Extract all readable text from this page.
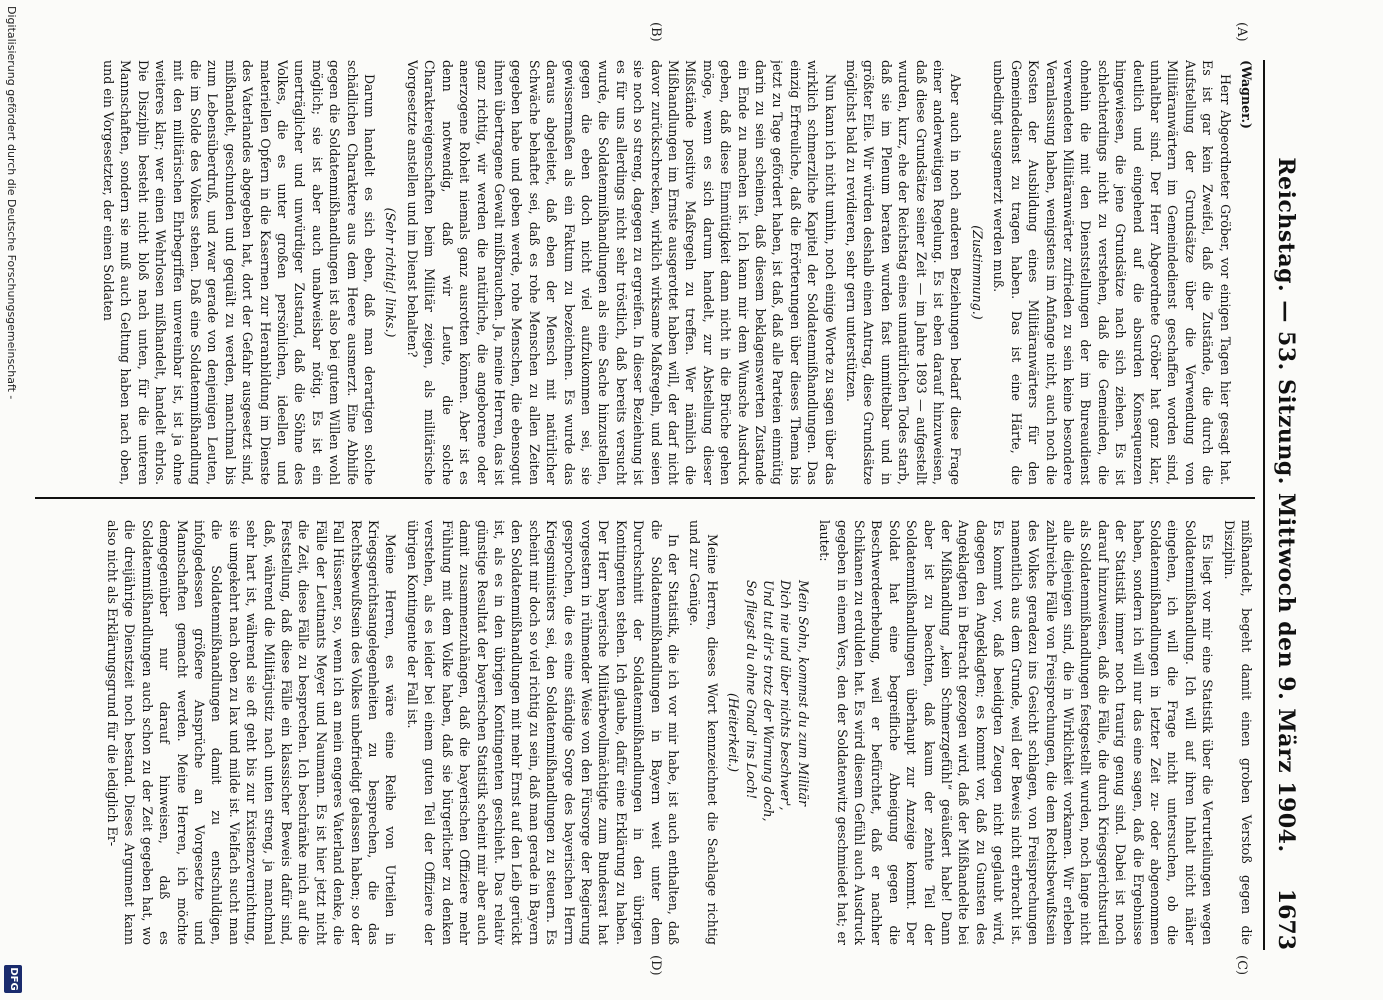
Reichstag. — 53. Sitzung. Mittwoch den 9. März 1904.
1673
(A)
(B)
(C)
(D)

(Wagner.)

Herr Abgeordneter Gröber, vor einigen Tagen hier gesagt hat. Es ist gar kein Zweifel, daß die Zustände, die durch die Aufstellung der Grundsätze über die Verwendung von Militäranwärtern im Gemeindedienst geschaffen worden sind, unhaltbar sind. Der Herr Abgeordnete Gröber hat ganz klar, deutlich und eingehend auf die absurden Konsequenzen hingewiesen, die jene Grundsätze nach sich ziehen. Es ist schlechterdings nicht zu verstehen, daß die Gemeinden, die ohnehin die mit den Dienststellungen der im Bureaudienst verwendeten Militäranwärter zufrieden zu sein keine besondere Veranlassung haben, wenigstens im Anfange nicht, auch noch die Kosten der Ausbildung eines Militäranwärters für den Gemeindedienst zu tragen haben. Das ist eine Härte, die unbedingt ausgemerzt werden muß.

(Zustimmung.)

Aber auch in noch anderen Beziehungen bedarf diese Frage einer anderweitigen Regelung. Es ist eben darauf hinzuweisen, daß diese Grundsätze seiner Zeit — im Jahre 1893 — aufgestellt wurden, kurz, ehe der Reichstag eines unnatürlichen Todes starb, daß sie im Plenum beraten wurden fast unmittelbar und in größter Eile. Wir würden deshalb einen Antrag, diese Grundsätze möglichst bald zu revidieren, sehr gern unterstützen.

Nun kann ich nicht umhin, noch einige Worte zu sagen über das wirklich schmerzliche Kapitel der Soldatenmißhandlungen. Das einzig Erfreuliche, daß die Erörterungen über dieses Thema bis jetzt zu Tage gefördert haben, ist daß, daß alle Parteien einmütig darin zu sein scheinen, daß diesem beklagenswerten Zustande ein Ende zu machen ist. Ich kann mir dem Wunsche Ausdruck geben, daß diese Einmütigkeit dann nicht in die Brüche gehen möge, wenn es sich darum handelt, zur Abstellung dieser Mißstände positive Maßregeln zu treffen. Wer nämlich die Mißhandlungen im Ernste ausgerottet haben will, der darf nicht davor zurückschrecken, wirklich wirksame Maßregeln, und seien sie noch so streng, dagegen zu ergreifen. In dieser Beziehung ist es für uns allerdings nicht sehr tröstlich, daß bereits versucht wurde, die Soldatenmißhandlungen als eine Sache hinzustellen, gegen die eben doch nicht viel aufzukommen sei, sie gewissermaßen als ein Faktum zu bezeichnen. Es wurde das daraus abgeleitet, daß eben der Mensch mit natürlicher Schwäche behaftet sei, daß es rohe Menschen zu allen Zeiten gegeben habe und geben werde, rohe Menschen, die ebensogut ihnen übertragene Gewalt mißbrauchen. Ja, meine Herren, das ist ganz richtig, wir werden die natürliche, die angeborene oder anerzogene Roheit niemals ganz ausrotten können. Aber ist es denn notwendig, daß wir Leute, die solche Charaktereigenschaften beim Militär zeigen, als militärische Vorgesetzte anstellen und im Dienst behalten?

(Sehr richtig! links.)

Darum handelt es sich eben, daß man derartigen solche schädlichen Charaktere aus dem Heere ausmerzt. Eine Abhilfe gegen die Soldatenmißhandlungen ist also bei gutem Willen wohl möglich; sie ist aber auch unabweisbar nötig. Es ist ein unerträglicher und unwürdiger Zustand, daß die Söhne des Volkes, die es unter großen persönlichen, ideellen und materiellen Opfern in die Kasernen zur Heranbildung im Dienste des Vaterlandes abgegeben hat, dort der Gefahr ausgesetzt sind, mißhandelt, geschunden und gequält zu werden, manchmal bis zum Lebensüberdruß, und zwar gerade von denjenigen Leuten, die im Solde des Volkes stehen. Daß eine Soldatenmißhandlung mit den militärischen Ehrbegriffen unvereinbar ist, ist ja ohne weiteres klar; wer einen Wehrlosen mißhandelt, handelt ehrlos. Die Disziplin besteht nicht bloß nach unten, für die unteren Mannschaften, sondern sie muß auch Geltung haben nach oben, und ein Vorgesetzter, der einen Soldaten

mißhandelt, begeht damit einen groben Verstoß gegen die Disziplin.

Es liegt vor mir eine Statistik über die Verurteilungen wegen Soldatenmißhandlung. Ich will auf ihren Inhalt nicht näher eingehen, ich will die Frage nicht untersuchen, ob die Soldatenmißhandlungen in letzter Zeit zu- oder abgenommen haben, sondern ich will nur das eine sagen, daß die Ergebnisse der Statistik immer noch traurig genug sind. Dabei ist noch darauf hinzuweisen, daß die Fälle, die durch Kriegsgerichtsurteil als Soldatenmißhandlungen festgestellt wurden, noch lange nicht alle diejenigen sind, die in Wirklichkeit vorkamen. Wir erleben zahlreiche Fälle von Freisprechungen, die dem Rechtsbewußtsein des Volkes geradezu ins Gesicht schlagen, von Freisprechungen namentlich aus dem Grunde, weil der Beweis nicht erbracht ist. Es kommt vor, daß beeidigten Zeugen nicht geglaubt wird, dagegen den Angeklagten; es kommt vor, daß zu Gunsten des Angeklagten in Betracht gezogen wird, daß der Mißhandelte bei der Mißhandlung „kein Schmerzgefühl“ geäußert habe! Dann aber ist zu beachten, daß kaum der zehnte Teil der Soldatenmißhandlungen überhaupt zur Anzeige kommt. Der Soldat hat eine begreifliche Abneigung gegen die Beschwerdeerhebung, weil er befürchtet, daß er nachher Schikanen zu erdulden hat. Es wird diesem Gefühl auch Ausdruck gegeben in einem Vers, den der Soldatenwitz geschmiedet hat; er lautet:

Mein Sohn, kommst du zum Militär

Dich nie und über nichts beschwer',

Und tut dir's trotz der Warnung doch,

So fliegst du ohne Gnad' ins Loch!

(Heiterkeit.)

Meine Herren, dieses Wort kennzeichnet die Sachlage richtig und zur Genüge.

In der Statistik, die ich vor mir habe, ist auch enthalten, daß die Soldatenmißhandlungen in Bayern weit unter dem Durchschnitt der Soldatenmißhandlungen in den übrigen Kontingenten stehen. Ich glaube, dafür eine Erklärung zu haben. Der Herr bayerische Militärbevollmächtigte zum Bundesrat hat vorgestern in rühmender Weise von den Fürsorge der Regierung gesprochen, die es eine ständige Sorge des bayerischen Herrn Kriegsministers sei, den Soldatenmißhandlungen zu steuern. Es scheint mir doch so viel richtig zu sein, daß man gerade in Bayern den Soldatenmißhandlungen mit mehr Ernst auf den Leib gerückt ist, als es in den übrigen Kontingenten geschieht. Das relativ günstige Resultat der bayerischen Statistik scheint mir aber auch damit zusammenzuhängen, daß die bayerischen Offiziere mehr Fühlung mit dem Volke haben, daß sie bürgerlicher zu denken verstehen, als es leider bei einem guten Teil der Offiziere der übrigen Kontingente der Fall ist.

Meine Herren, es wäre eine Reihe von Urteilen in Kriegsgerichtsangelegenheiten zu besprechen, die das Rechtsbewußtsein des Volkes unbefriedigt gelassen haben; so der Fall Hüssener, so, wenn ich an mein engeres Vaterland denke, die Fälle der Leutnants Meyer und Naumann. Es ist hier jetzt nicht die Zeit, diese Fälle zu besprechen. Ich beschränke mich auf die Feststellung, daß diese Fälle ein klassischer Beweis dafür sind, daß, während die Militärjustiz nach unten streng, ja manchmal sehr hart ist, während sie oft geht bis zur Existenzvernichtung, sie umgekehrt nach oben zu lax und milde ist. Vielfach sucht man die Soldatenmißhandlungen damit zu entschuldigen, infolgedessen größere Ansprüche an Vorgesetzte und Mannschaften gemacht werden. Meine Herren, ich möchte demgegenüber nur darauf hinweisen, daß es Soldatenmißhandlungen auch schon zu der Zeit gegeben hat, wo die dreijährige Dienstzeit noch bestand. Dieses Argument kann also nicht als Erklärungsgrund für die lediglich Er-

Digitalisierung gefördert durch die Deutsche Forschungsgemeinschaft -
DFG
